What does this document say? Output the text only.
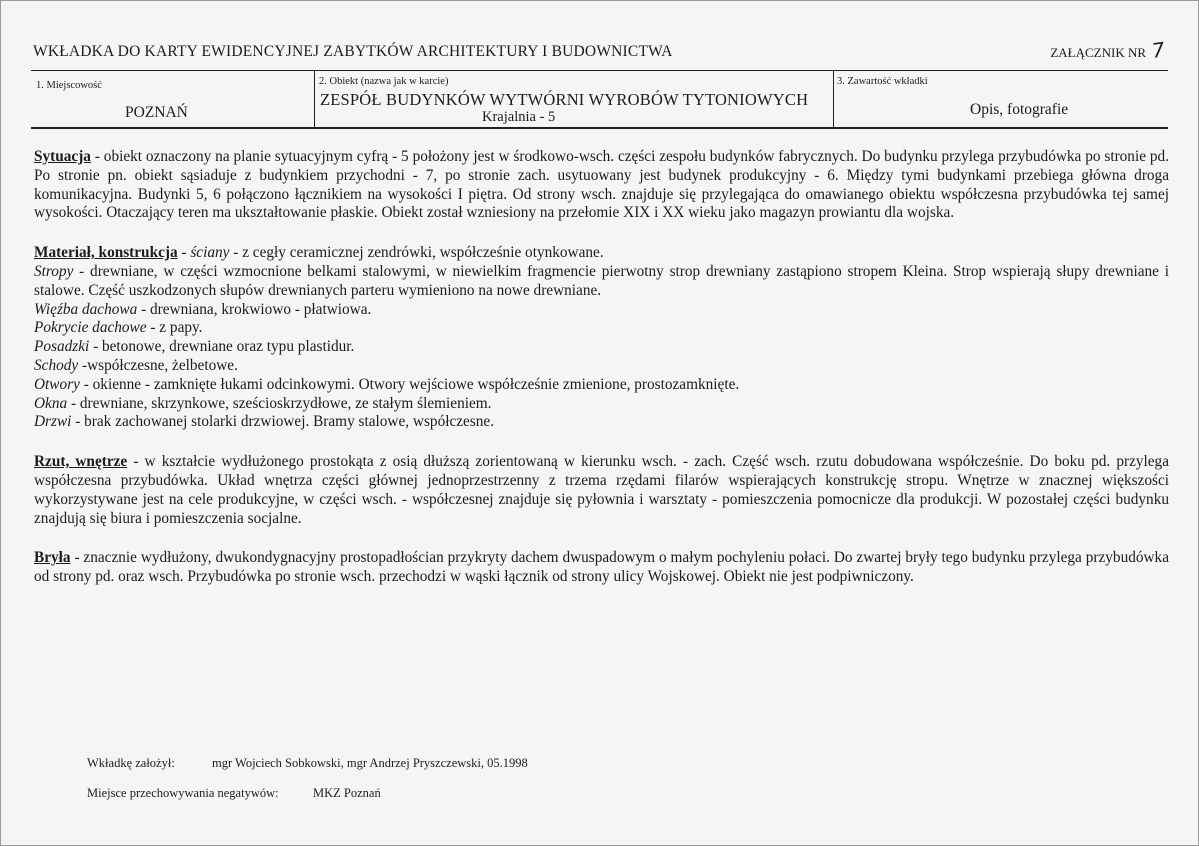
WKŁADKA DO KARTY EWIDENCYJNEJ ZABYTKÓW ARCHITEKTURY I BUDOWNICTWA	ZAŁĄCZNIK NR 7
1. Miejscowość
POZNAŃ
2. Obiekt (nazwa jak w karcie)
ZESPÓŁ BUDYNKÓW WYTWÓRNI WYROBÓW TYTONIOWYCH
Krajalnia - 5
3. Zawartość wkładki
Opis, fotografie

Sytuacja - obiekt oznaczony na planie sytuacyjnym cyfrą - 5 położony jest w środkowo-wsch. części zespołu budynków fabrycznych. Do budynku przylega przybudówka po stronie pd. Po stronie pn. obiekt sąsiaduje z budynkiem przychodni - 7, po stronie zach. usytuowany jest budynek produkcyjny - 6. Między tymi budynkami przebiega główna droga komunikacyjna. Budynki 5, 6 połączono łącznikiem na wysokości I piętra. Od strony wsch. znajduje się przylegająca do omawianego obiektu współczesna przybudówka tej samej wysokości. Otaczający teren ma ukształtowanie płaskie. Obiekt został wzniesiony na przełomie XIX i XX wieku jako magazyn prowiantu dla wojska.

Materiał, konstrukcja - ściany - z cegły ceramicznej zendrówki, współcześnie otynkowane.

Stropy - drewniane, w części wzmocnione belkami stalowymi, w niewielkim fragmencie pierwotny strop drewniany zastąpiono stropem Kleina. Strop wspierają słupy drewniane i stalowe. Część uszkodzonych słupów drewnianych parteru wymieniono na nowe drewniane.

Więźba dachowa - drewniana, krokwiowo - płatwiowa.

Pokrycie dachowe - z papy.

Posadzki - betonowe, drewniane oraz typu plastidur.

Schody -współczesne, żelbetowe.

Otwory - okienne - zamknięte łukami odcinkowymi. Otwory wejściowe współcześnie zmienione, prostozamknięte.

Okna - drewniane, skrzynkowe, sześcioskrzydłowe, ze stałym ślemieniem.

Drzwi - brak zachowanej stolarki drzwiowej. Bramy stalowe, współczesne.

Rzut, wnętrze - w kształcie wydłużonego prostokąta z osią dłuższą zorientowaną w kierunku wsch. - zach. Część wsch. rzutu dobudowana współcześnie. Do boku pd. przylega współczesna przybudówka. Układ wnętrza części głównej jednoprzestrzenny z trzema rzędami filarów wspierających konstrukcję stropu. Wnętrze w znacznej większości wykorzystywane jest na cele produkcyjne, w części wsch. - współczesnej znajduje się pyłownia i warsztaty - pomieszczenia pomocnicze dla produkcji. W pozostałej części budynku znajdują się biura i pomieszczenia socjalne.

Bryła - znacznie wydłużony, dwukondygnacyjny prostopadłościan przykryty dachem dwuspadowym o małym pochyleniu połaci. Do zwartej bryły tego budynku przylega przybudówka od strony pd. oraz wsch. Przybudówka po stronie wsch. przechodzi w wąski łącznik od strony ulicy Wojskowej. Obiekt nie jest podpiwniczony.

Wkładkę założył:	mgr Wojciech Sobkowski, mgr Andrzej Pryszczewski, 05.1998
Miejsce przechowywania negatywów:	MKZ Poznań
